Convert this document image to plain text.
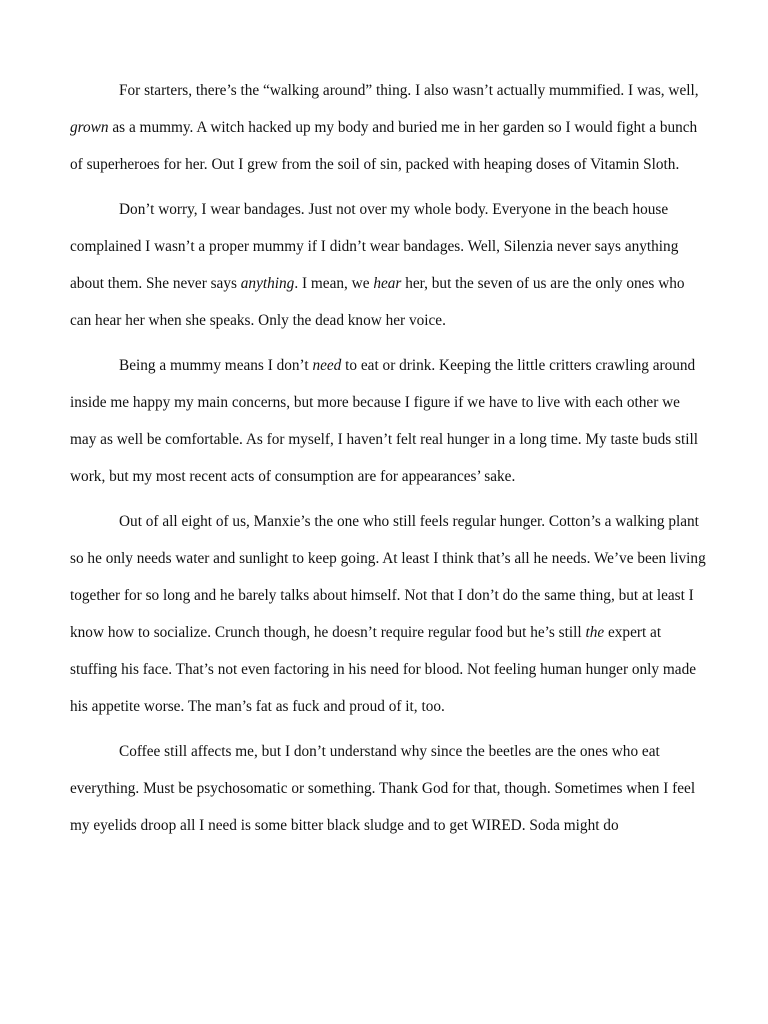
For starters, there’s the “walking around” thing. I also wasn’t actually mummified. I was, well, grown as a mummy. A witch hacked up my body and buried me in her garden so I would fight a bunch of superheroes for her. Out I grew from the soil of sin, packed with heaping doses of Vitamin Sloth.

Don’t worry, I wear bandages. Just not over my whole body. Everyone in the beach house complained I wasn’t a proper mummy if I didn’t wear bandages. Well, Silenzia never says anything about them. She never says anything. I mean, we hear her, but the seven of us are the only ones who can hear her when she speaks. Only the dead know her voice.

Being a mummy means I don’t need to eat or drink. Keeping the little critters crawling around inside me happy my main concerns, but more because I figure if we have to live with each other we may as well be comfortable. As for myself, I haven’t felt real hunger in a long time. My taste buds still work, but my most recent acts of consumption are for appearances’ sake.

Out of all eight of us, Manxie’s the one who still feels regular hunger. Cotton’s a walking plant so he only needs water and sunlight to keep going. At least I think that’s all he needs. We’ve been living together for so long and he barely talks about himself. Not that I don’t do the same thing, but at least I know how to socialize. Crunch though, he doesn’t require regular food but he’s still the expert at stuffing his face. That’s not even factoring in his need for blood. Not feeling human hunger only made his appetite worse. The man’s fat as fuck and proud of it, too.

Coffee still affects me, but I don’t understand why since the beetles are the ones who eat everything. Must be psychosomatic or something. Thank God for that, though. Sometimes when I feel my eyelids droop all I need is some bitter black sludge and to get WIRED. Soda might do
